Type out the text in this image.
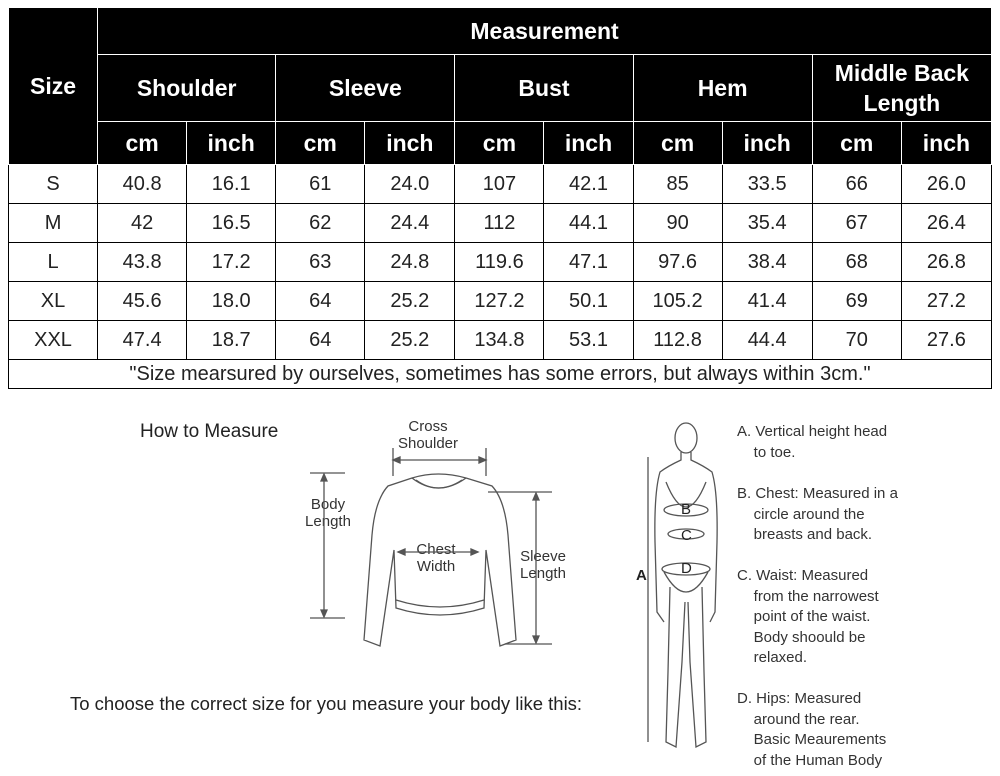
Size	Measurement									
	Shoulder		Sleeve		Bust		Hem		Middle Back
Length	
	cm	inch	cm	inch	cm	inch	cm	inch	cm	inch
S	40.8	16.1	61	24.0	107	42.1	85	33.5	66	26.0
M	42	16.5	62	24.4	112	44.1	90	35.4	67	26.4
L	43.8	17.2	63	24.8	119.6	47.1	97.6	38.4	68	26.8
XL	45.6	18.0	64	25.2	127.2	50.1	105.2	41.4	69	27.2
XXL	47.4	18.7	64	25.2	134.8	53.1	112.8	44.4	70	27.6
"Size mearsured by ourselves, sometimes has some errors, but always within 3cm."										
How to Measure
To choose the correct size for you measure your body like this:
Cross
Shoulder
Body
Length
Chest
Width
Sleeve
Length	A
B
C
D
A. Vertical height head
to toe.
B. Chest: Measured in a
circle around the
breasts and back.
C. Waist: Measured
from the narrowest
point of the waist.
Body shoould be
relaxed.
D. Hips: Measured
around the rear.
Basic Meaurements
of the Human Body
